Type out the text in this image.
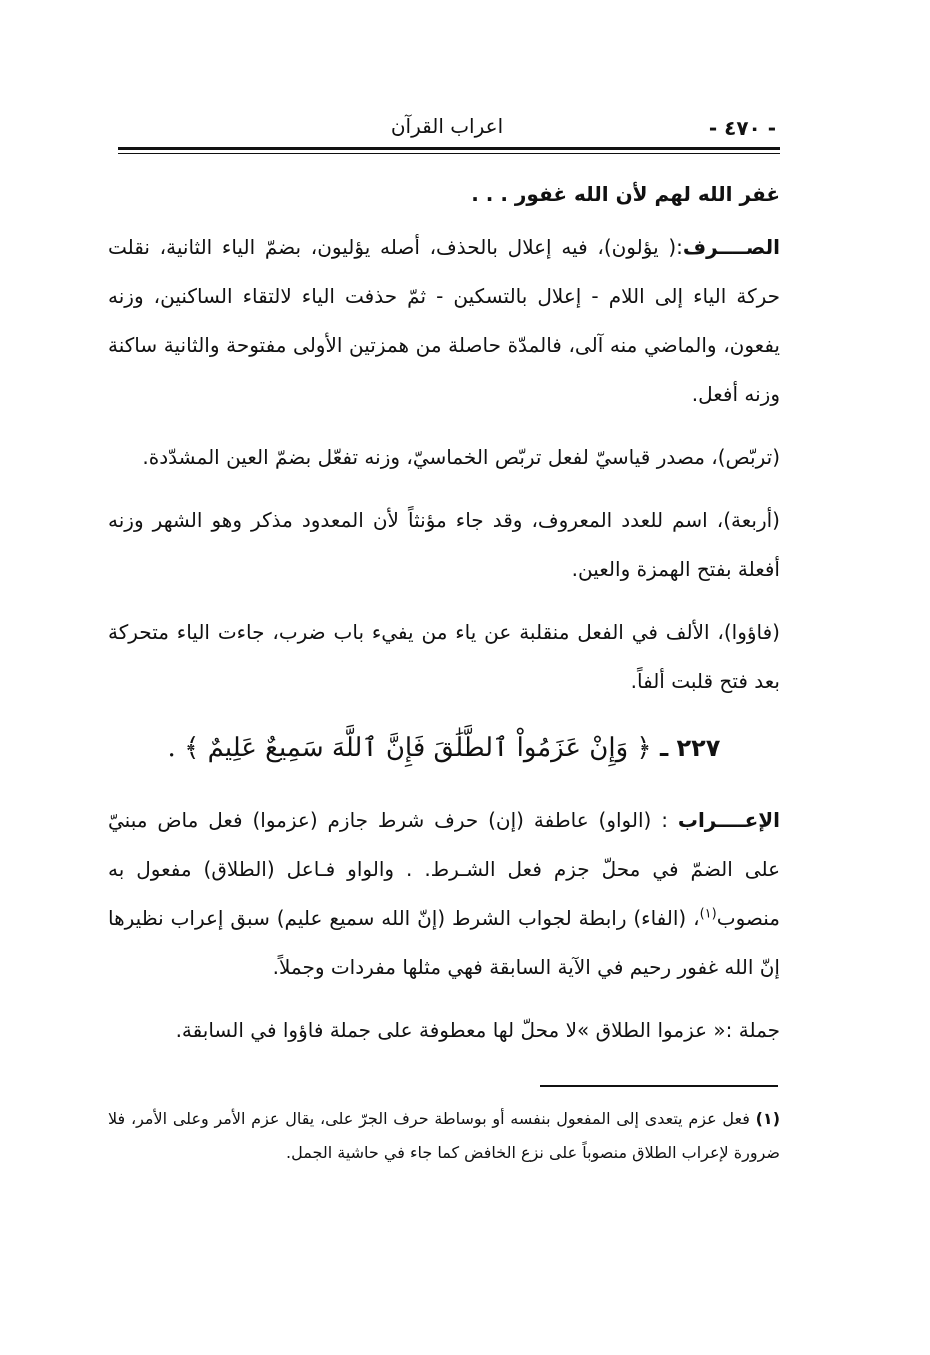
- ٤٧٠ -
اعراب القرآن

غفر الله لهم لأن الله غفور . . .

الصــــرف:( يؤلون)، فيه إعلال بالحذف، أصله يؤليون، بضمّ الياء الثانية، نقلت حركة الياء إلى اللام - إعلال بالتسكين - ثمّ حذفت الياء لالتقاء الساكنين، وزنه يفعون، والماضي منه آلى، فالمدّة حاصلة من همزتين الأولى مفتوحة والثانية ساكنة وزنه أفعل.

(تربّص)، مصدر قياسيّ لفعل تربّص الخماسيّ، وزنه تفعّل بضمّ العين المشدّدة.

(أربعة)، اسم للعدد المعروف، وقد جاء مؤنثاً لأن المعدود مذكر وهو الشهر وزنه أفعلة بفتح الهمزة والعين.

(فاؤوا)، الألف في الفعل منقلبة عن ياء من يفيء باب ضرب، جاءت الياء متحركة بعد فتح قلبت ألفاً.

٢٢٧ ـ ﴿ وَإِنْ عَزَمُواْ ٱلطَّلَٰقَ فَإِنَّ ٱللَّهَ سَمِيعٌ عَلِيمٌ ﴾ .

الإعــــراب : (الواو) عاطفة (إن) حرف شرط جازم (عزموا) فعل ماض مبنيّ على الضمّ في محلّ جزم فعل الشـرط. . والواو فـاعل (الطلاق) مفعول به منصوب$^{(١)}$، (الفاء) رابطة لجواب الشرط (إنّ الله سميع عليم) سبق إعراب نظيرها إنّ الله غفور رحيم في الآية السابقة فهي مثلها مفردات وجملاً.

جملة :« عزموا الطلاق »لا محلّ لها معطوفة على جملة فاؤوا في السابقة.

(١) فعل عزم يتعدى إلى المفعول بنفسه أو بوساطة حرف الجرّ على، يقال عزم الأمر وعلى الأمر، فلا ضرورة لإعراب الطلاق منصوباً على نزع الخافض كما جاء في حاشية الجمل.
